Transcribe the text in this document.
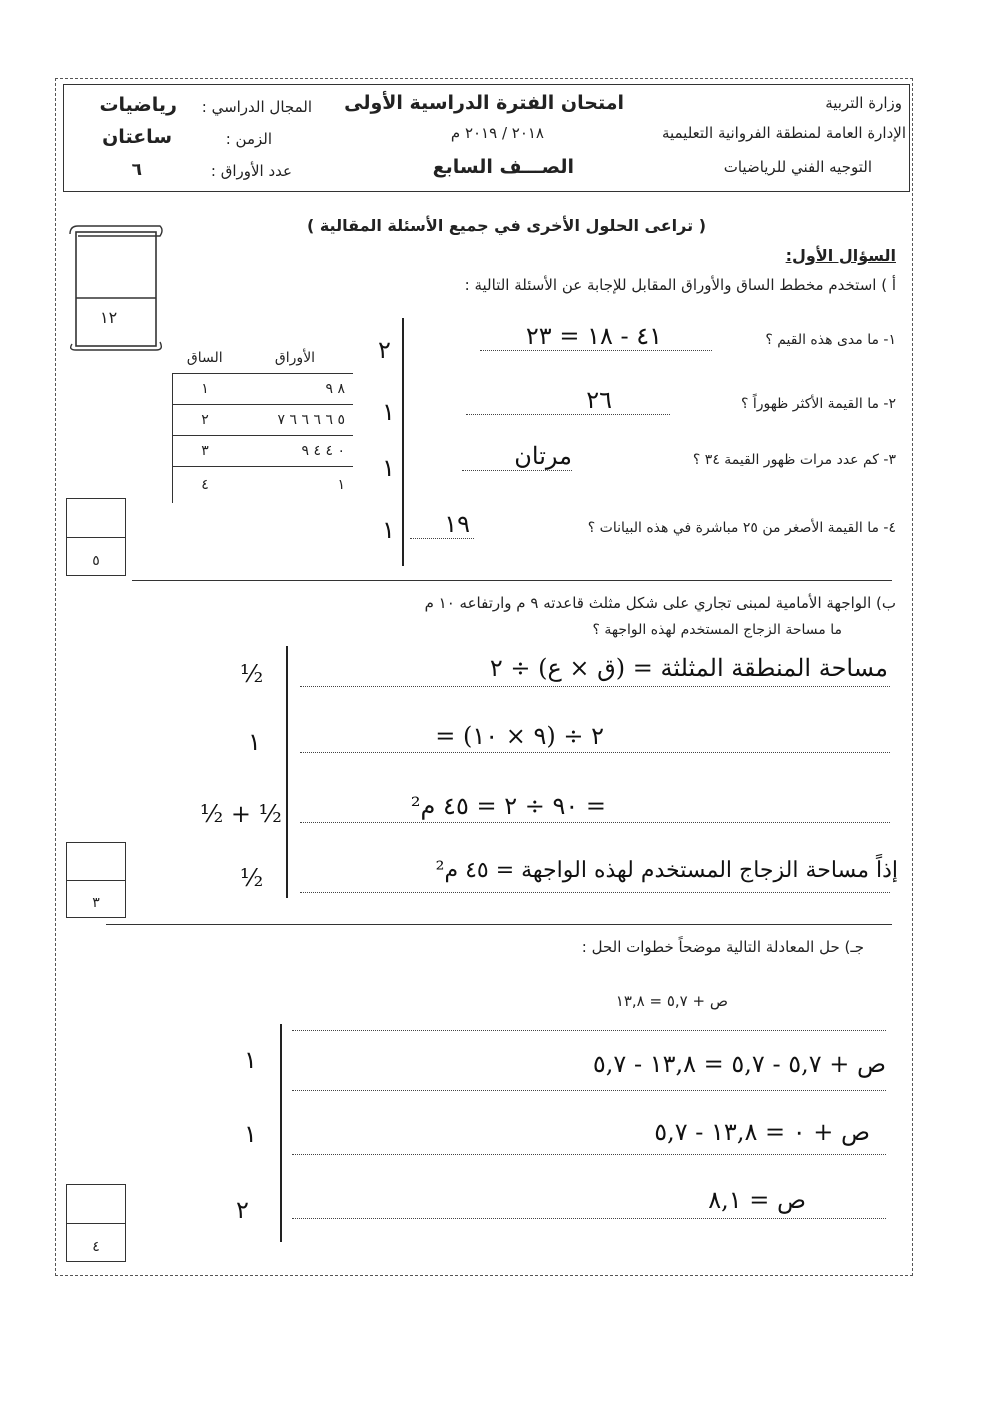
وزارة التربية
الإدارة العامة لمنطقة الفروانية التعليمية
التوجيه الفني للرياضيات
امتحان الفترة الدراسية الأولى
٢٠١٨ / ٢٠١٩ م
الصـــف السابع
المجال الدراسي :
رياضيات
الزمن :
ساعتان
عدد الأوراق :
٦
( تراعى الحلول الأخرى في جميع الأسئلة المقالية )
١٢
السؤال الأول:
أ ) استخدم مخطط الساق والأوراق المقابل للإجابة عن الأسئلة التالية :
الأوراق	الساق
٨ ٩	١
٥ ٦ ٦ ٦ ٦ ٧	٢
٠ ٤ ٤ ٩	٣
١	٤
١- ما مدى هذه القيم ؟
٤١ - ١٨ = ٢٣
٢
٢- ما القيمة الأكثر ظهوراً ؟
٢٦
١
٣- كم عدد مرات ظهور القيمة ٣٤ ؟
مرتان
١
٤- ما القيمة الأصغر من ٢٥ مباشرة في هذه البيانات ؟
١٩
١
٥
ب) الواجهة الأمامية لمبنى تجاري على شكل مثلث قاعدته ٩ م وارتفاعه ١٠ م
ما مساحة الزجاج المستخدم لهذه الواجهة ؟
مساحة المنطقة المثلثة = (ق × ع) ÷ ٢
½
= (٩ × ١٠) ÷ ٢
١
= ٩٠ ÷ ٢ = ٤٥ م²
½ + ½
إذاً مساحة الزجاج المستخدم لهذه الواجهة = ٤٥ م²
½
٣
جـ) حل المعادلة التالية موضحاً خطوات الحل :
ص + ٥,٧ = ١٣,٨
ص + ٥,٧ - ٥,٧ = ١٣,٨ - ٥,٧
١
ص + ٠ = ١٣,٨ - ٥,٧
١
ص = ٨,١
٢
٤
